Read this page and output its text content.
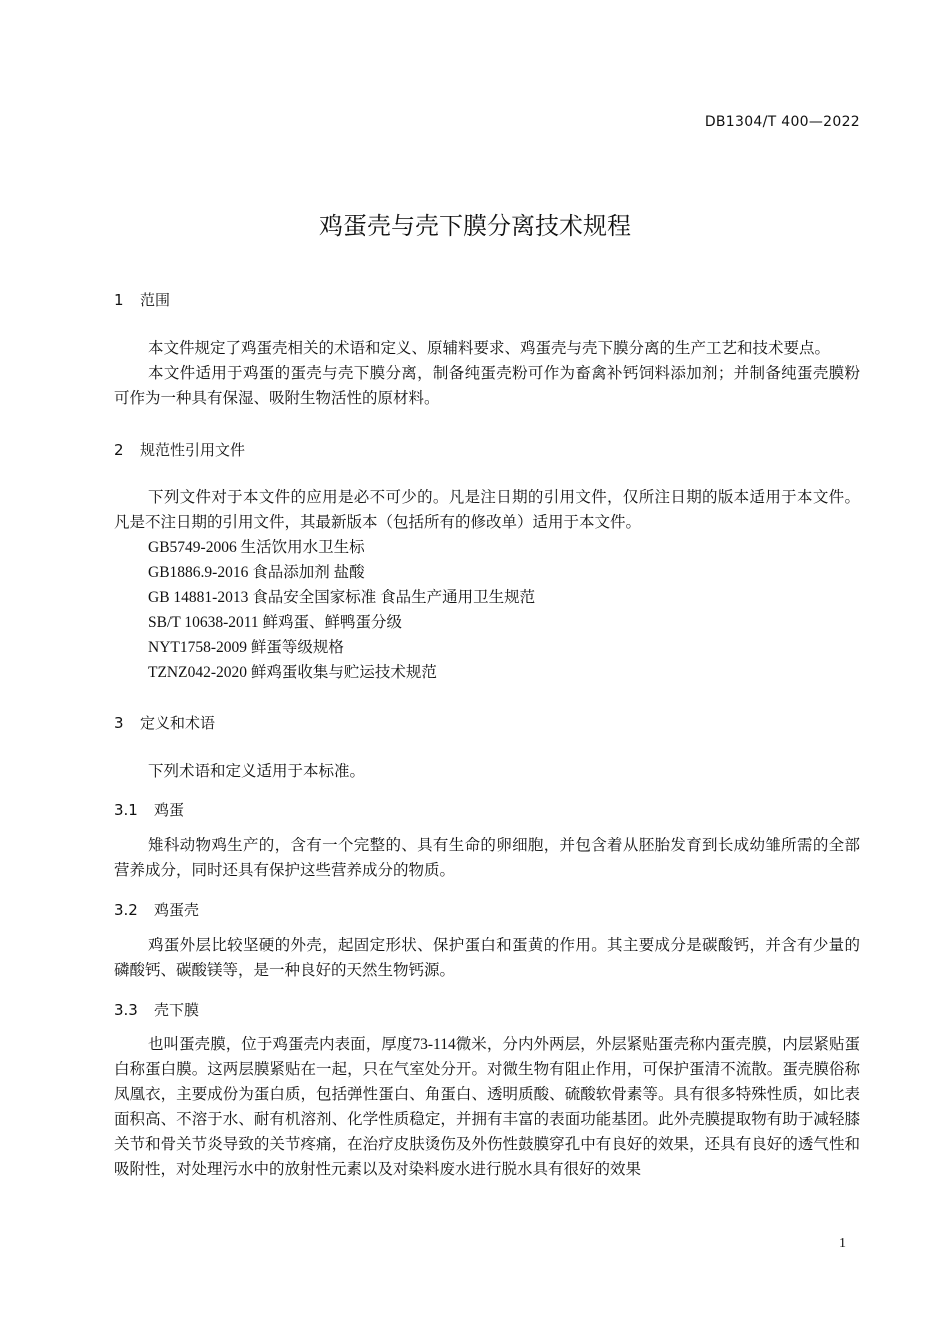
DB1304/T 400—2022
鸡蛋壳与壳下膜分离技术规程
1 范围
本文件规定了鸡蛋壳相关的术语和定义、原辅料要求、鸡蛋壳与壳下膜分离的生产工艺和技术要点。
本文件适用于鸡蛋的蛋壳与壳下膜分离，制备纯蛋壳粉可作为畜禽补钙饲料添加剂；并制备纯蛋壳膜粉可作为一种具有保湿、吸附生物活性的原材料。
2 规范性引用文件
下列文件对于本文件的应用是必不可少的。凡是注日期的引用文件，仅所注日期的版本适用于本文件。凡是不注日期的引用文件，其最新版本（包括所有的修改单）适用于本文件。
GB5749-2006 生活饮用水卫生标
GB1886.9-2016 食品添加剂 盐酸
GB 14881-2013 食品安全国家标准 食品生产通用卫生规范
SB/T 10638-2011 鲜鸡蛋、鲜鸭蛋分级
NYT1758-2009 鲜蛋等级规格
TZNZ042-2020 鲜鸡蛋收集与贮运技术规范
3 定义和术语
下列术语和定义适用于本标准。
3.1 鸡蛋
雉科动物鸡生产的，含有一个完整的、具有生命的卵细胞，并包含着从胚胎发育到长成幼雏所需的全部营养成分，同时还具有保护这些营养成分的物质。
3.2 鸡蛋壳
鸡蛋外层比较坚硬的外壳，起固定形状、保护蛋白和蛋黄的作用。其主要成分是碳酸钙，并含有少量的磷酸钙、碳酸镁等，是一种良好的天然生物钙源。
3.3 壳下膜
也叫蛋壳膜，位于鸡蛋壳内表面，厚度73-114微米，分内外两层，外层紧贴蛋壳称内蛋壳膜，内层紧贴蛋白称蛋白膜。这两层膜紧贴在一起，只在气室处分开。对微生物有阻止作用，可保护蛋清不流散。蛋壳膜俗称凤凰衣，主要成份为蛋白质，包括弹性蛋白、角蛋白、透明质酸、硫酸软骨素等。具有很多特殊性质，如比表面积高、不溶于水、耐有机溶剂、化学性质稳定，并拥有丰富的表面功能基团。此外壳膜提取物有助于减轻膝关节和骨关节炎导致的关节疼痛，在治疗皮肤烫伤及外伤性鼓膜穿孔中有良好的效果，还具有良好的透气性和吸附性，对处理污水中的放射性元素以及对染料废水进行脱水具有很好的效果
1
